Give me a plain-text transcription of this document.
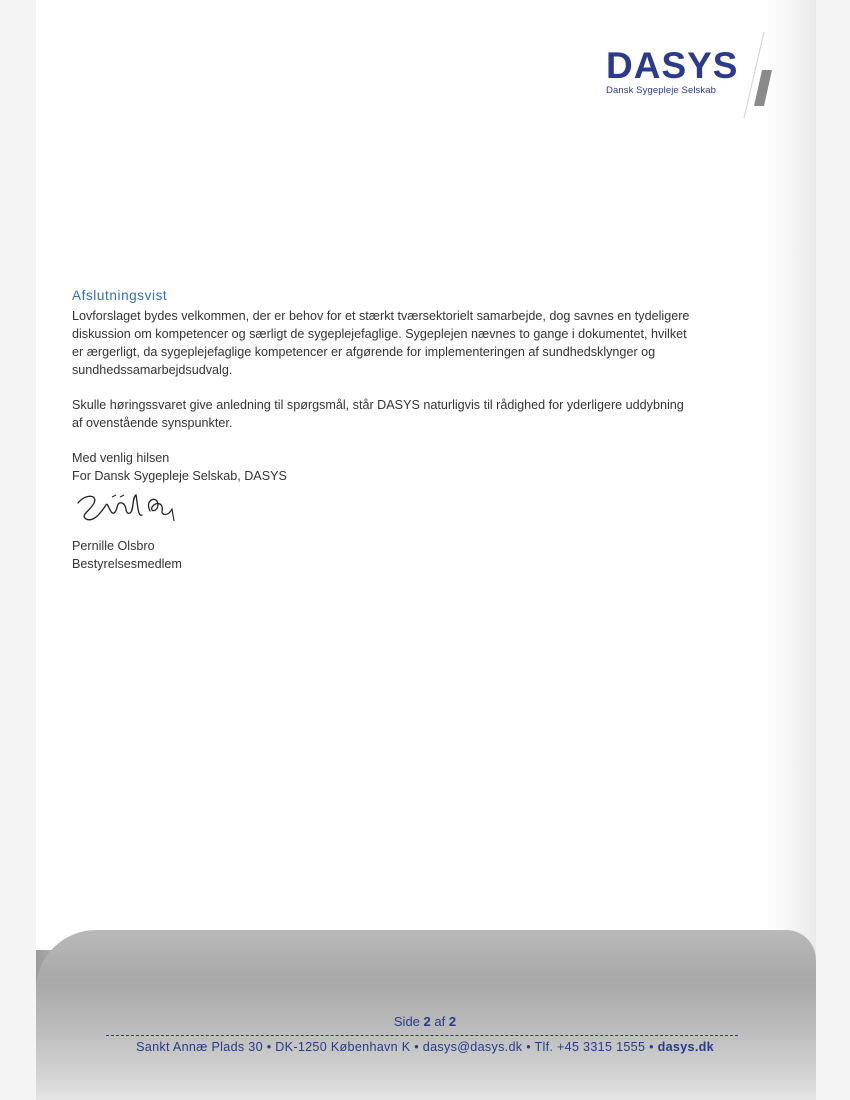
DASYS
Dansk Sygepleje Selskab
Afslutningsvist

Lovforslaget bydes velkommen, der er behov for et stærkt tværsektorielt samarbejde, dog savnes en tydeligere diskussion om kompetencer og særligt de sygeplejefaglige. Sygeplejen nævnes to gange i dokumentet, hvilket er ærgerligt, da sygeplejefaglige kompetencer er afgørende for implementeringen af sundhedsklynger og sundhedssamarbejdsudvalg.

Skulle høringssvaret give anledning til spørgsmål, står DASYS naturligvis til rådighed for yderligere uddybning af ovenstående synspunkter.

Med venlig hilsen

For Dansk Sygepleje Selskab, DASYS

Pernille Olsbro

Bestyrelsesmedlem

Side 2 af 2
Sankt Annæ Plads 30 • DK-1250 København K • dasys@dasys.dk • Tlf. +45 3315 1555 • dasys.dk
